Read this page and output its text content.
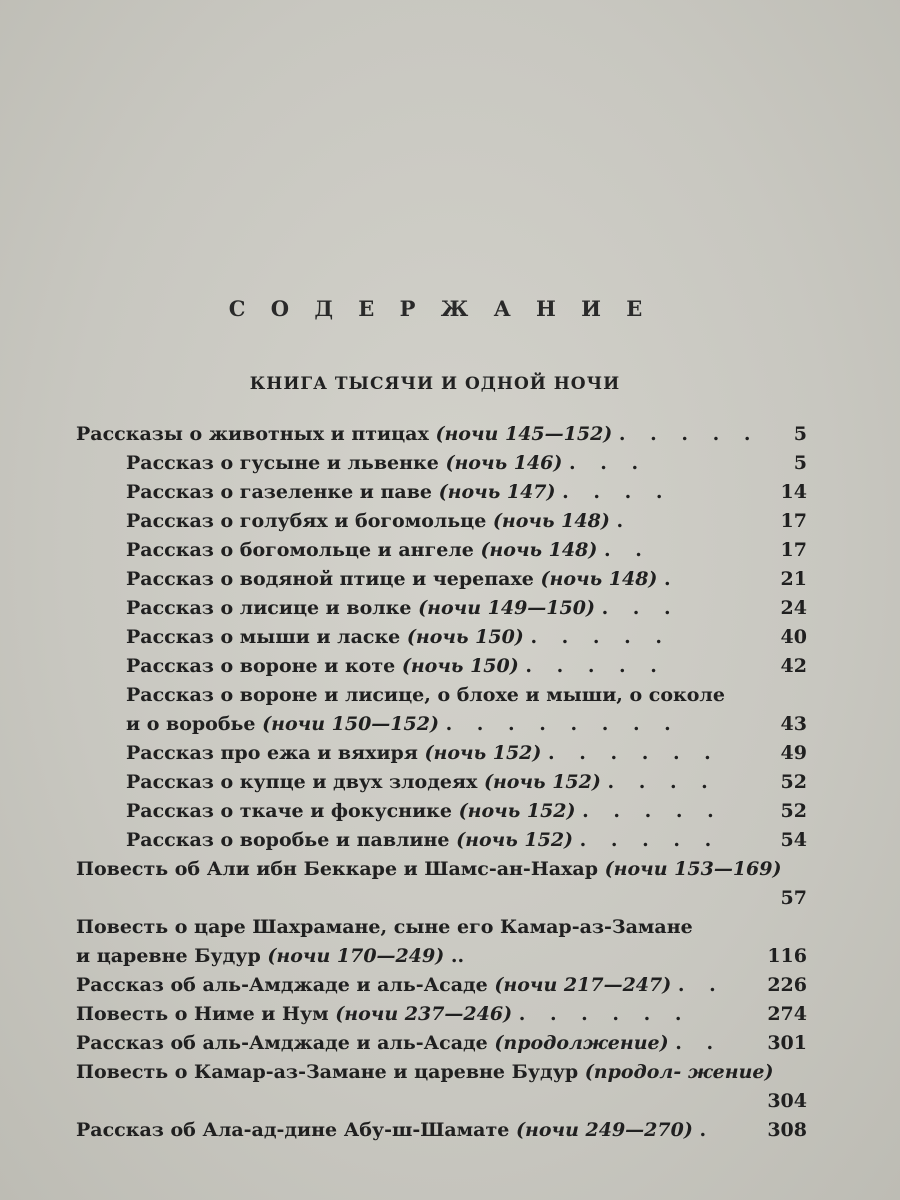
С О Д Е Р Ж А Н И Е
КНИГА ТЫСЯЧИ И ОДНОЙ НОЧИ
Рассказы о животных и птицах (ночи 145—152) . . . . .	5
Рассказ о гусыне и львенке (ночь 146) . . .	5
Рассказ о газеленке и паве (ночь 147) . . . .	14
Рассказ о голубях и богомольце (ночь 148) .	17
Рассказ о богомольце и ангеле (ночь 148) . .	17
Рассказ о водяной птице и черепахе (ночь 148) .	21
Рассказ о лисице и волке (ночи 149—150) . . .	24
Рассказ о мыши и ласке (ночь 150) . . . . .	40
Рассказ о вороне и коте (ночь 150) . . . . .	42
Рассказ о вороне и лисице, о блохе и мыши, о соколе
и о воробье (ночи 150—152) . . . . . . . .	43
Рассказ про ежа и вяхиря (ночь 152) . . . . . .	49
Рассказ о купце и двух злодеях (ночь 152) . . . .	52
Рассказ о ткаче и фокуснике (ночь 152) . . . . .	52
Рассказ о воробье и павлине (ночь 152) . . . . .	54
Повесть об Али ибн Беккаре и Шамс-ан-Нахар (ночи 153—169)

57
Повесть о царе Шахрамане, сыне его Камар-аз-Замане
и царевне Будур (ночи 170—249) ..	116
Рассказ об аль-Амджаде и аль-Асаде (ночи 217—247) . .	226
Повесть о Ниме и Нум (ночи 237—246) . . . . . .	274
Рассказ об аль-Амджаде и аль-Асаде (продолжение) . .	301
Повесть о Камар-аз-Замане и царевне Будур (продол- жение)

304
Рассказ об Ала-ад-дине Абу-ш-Шамате (ночи 249—270) .	308
